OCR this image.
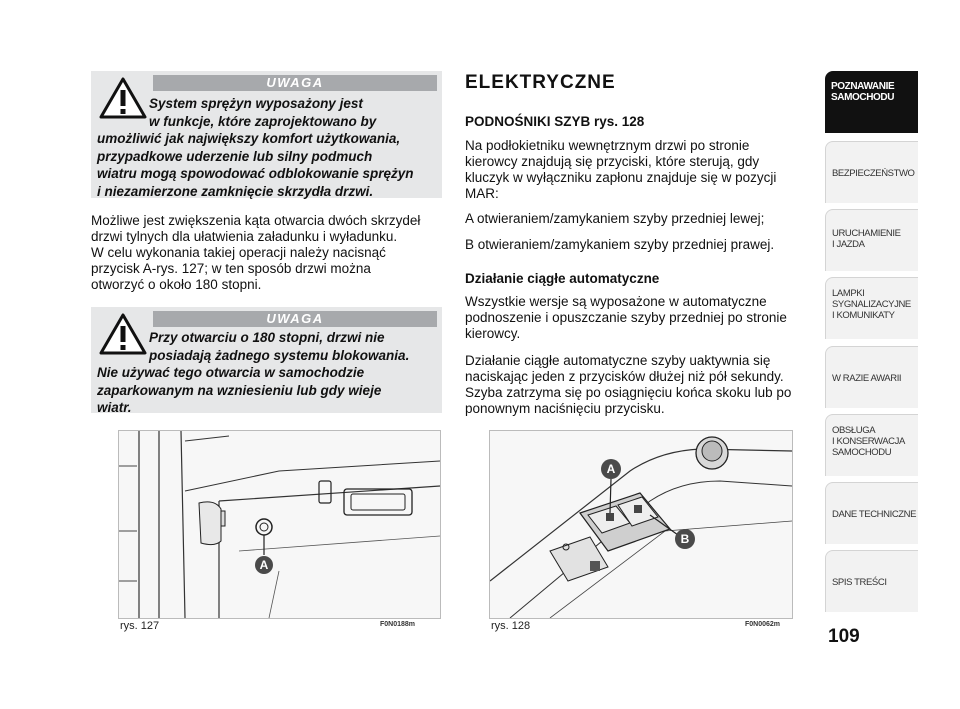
UWAGA
System sprężyn wyposażony jest
w funkcje, które zaprojektowano by
umożliwić jak największy komfort użytkowania,
przypadkowe uderzenie lub silny podmuch
wiatru mogą spowodować odblokowanie sprężyn
i niezamierzone zamknięcie skrzydła drzwi.
Możliwe jest zwiększenia kąta otwarcia dwóch skrzydeł
drzwi tylnych dla ułatwienia załadunku i wyładunku.
W celu wykonania takiej operacji należy nacisnąć
przycisk A-rys. 127; w ten sposób drzwi można
otworzyć o około 180 stopni.
UWAGA
Przy otwarciu o 180 stopni, drzwi nie
posiadają żadnego systemu blokowania.
Nie używać tego otwarcia w samochodzie
zaparkowanym na wzniesieniu lub gdy wieje
wiatr.
A
rys. 127	F0N0188m
ELEKTRYCZNE
PODNOŚNIKI SZYB rys. 128
Na podłokietniku wewnętrznym drzwi po stronie
kierowcy znajdują się przyciski, które sterują, gdy
kluczyk w wyłączniku zapłonu znajduje się w pozycji
MAR:
A otwieraniem/zamykaniem szyby przedniej lewej;
B otwieraniem/zamykaniem szyby przedniej prawej.
Działanie ciągłe automatyczne
Wszystkie wersje są wyposażone w automatyczne
podnoszenie i opuszczanie szyby przedniej po stronie
kierowcy.
Działanie ciągłe automatyczne szyby uaktywnia się
naciskając jeden z przycisków dłużej niż pół sekundy.
Szyba zatrzyma się po osiągnięciu końca skoku lub po
ponownym naciśnięciu przycisku.
A
B
rys. 128	F0N0062m
POZNAWANIE
SAMOCHODU
BEZPIECZEŃSTWO
URUCHAMIENIE
I JAZDA
LAMPKI
SYGNALIZACYJNE
I KOMUNIKATY
W RAZIE AWARII
OBSŁUGA
I KONSERWACJA
SAMOCHODU
DANE TECHNICZNE
SPIS TREŚCI
109
